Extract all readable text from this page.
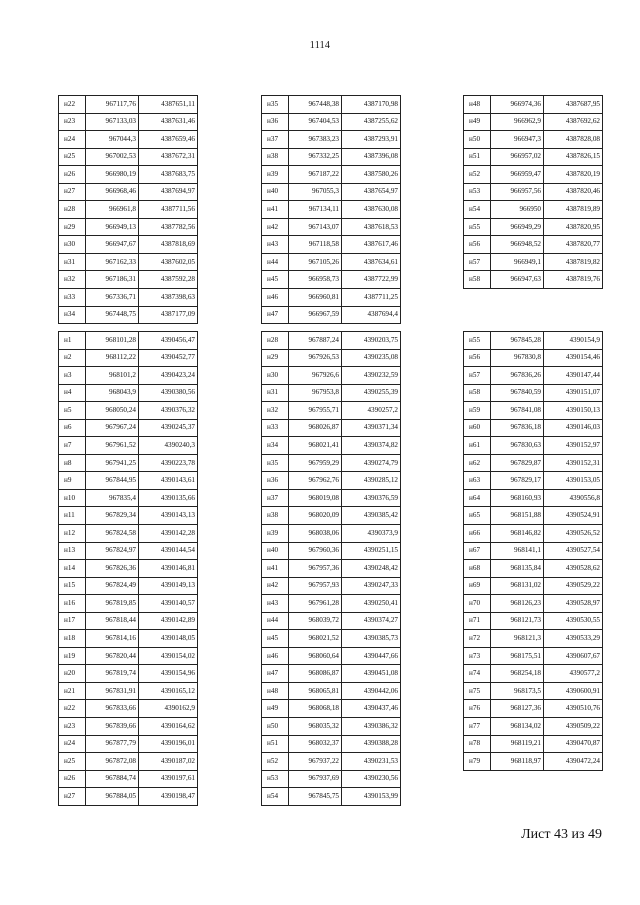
1114
н22	967117,76	4387651,11
н23	967133,03	4387631,46
н24	967044,3	4387659,46
н25	967002,53	4387672,31
н26	966980,19	4387683,75
н27	966968,46	4387694,97
н28	966961,8	4387711,56
н29	966949,13	4387782,56
н30	966947,67	4387818,69
н31	967162,33	4387602,05
н32	967186,31	4387592,28
н33	967336,71	4387398,63
н34	967448,75	4387177,09
н35	967448,38	4387170,98
н36	967404,53	4387255,62
н37	967383,23	4387293,91
н38	967332,25	4387396,08
н39	967187,22	4387580,26
н40	967055,3	4387654,97
н41	967134,11	4387630,08
н42	967143,07	4387618,53
н43	967118,58	4387617,46
н44	967105,26	4387634,61
н45	966958,73	4387722,99
н46	966960,81	4387711,25
н47	966967,59	4387694,4
н48	966974,36	4387687,95
н49	966962,9	4387692,62
н50	966947,3	4387828,08
н51	966957,02	4387826,15
н52	966959,47	4387820,19
н53	966957,56	4387820,46
н54	966950	4387819,89
н55	966949,29	4387820,95
н56	966948,52	4387820,77
н57	966949,1	4387819,82
н58	966947,63	4387819,76
н1	968101,28	4390456,47
н2	968112,22	4390452,77
н3	968101,2	4390423,24
н4	968043,9	4390380,56
н5	968050,24	4390376,32
н6	967967,24	4390245,37
н7	967961,52	4390240,3
н8	967941,25	4390223,78
н9	967844,95	4390143,61
н10	967835,4	4390135,66
н11	967829,34	4390143,13
н12	967824,58	4390142,28
н13	967824,97	4390144,54
н14	967826,36	4390146,81
н15	967824,49	4390149,13
н16	967819,85	4390140,57
н17	967818,44	4390142,89
н18	967814,16	4390148,05
н19	967820,44	4390154,02
н20	967819,74	4390154,96
н21	967831,91	4390165,12
н22	967833,66	4390162,9
н23	967839,66	4390164,62
н24	967877,79	4390196,01
н25	967872,08	4390187,02
н26	967884,74	4390197,61
н27	967884,05	4390198,47
н28	967887,24	4390203,75
н29	967926,53	4390235,08
н30	967926,6	4390232,59
н31	967953,8	4390255,39
н32	967955,71	4390257,2
н33	968026,87	4390371,34
н34	968021,41	4390374,82
н35	967959,29	4390274,79
н36	967962,76	4390285,12
н37	968019,08	4390376,59
н38	968020,09	4390385,42
н39	968038,06	4390373,9
н40	967960,36	4390251,15
н41	967957,36	4390248,42
н42	967957,93	4390247,33
н43	967961,28	4390250,41
н44	968039,72	4390374,27
н45	968021,52	4390385,73
н46	968060,64	4390447,66
н47	968086,87	4390451,08
н48	968065,81	4390442,06
н49	968068,18	4390437,46
н50	968035,32	4390386,32
н51	968032,37	4390388,28
н52	967937,22	4390231,53
н53	967937,69	4390230,56
н54	967845,75	4390153,99
н55	967845,28	4390154,9
н56	967830,8	4390154,46
н57	967836,26	4390147,44
н58	967840,59	4390151,07
н59	967841,08	4390150,13
н60	967836,18	4390146,03
н61	967830,63	4390152,97
н62	967829,87	4390152,31
н63	967829,17	4390153,05
н64	968160,93	4390556,8
н65	968151,88	4390524,91
н66	968146,82	4390526,52
н67	968141,1	4390527,54
н68	968135,84	4390528,62
н69	968131,02	4390529,22
н70	968126,23	4390528,97
н71	968121,73	4390530,55
н72	968121,3	4390533,29
н73	968175,51	4390607,67
н74	968254,18	4390577,2
н75	968173,5	4390600,91
н76	968127,36	4390510,76
н77	968134,02	4390509,22
н78	968119,21	4390470,87
н79	968118,97	4390472,24
Лист 43 из 49
